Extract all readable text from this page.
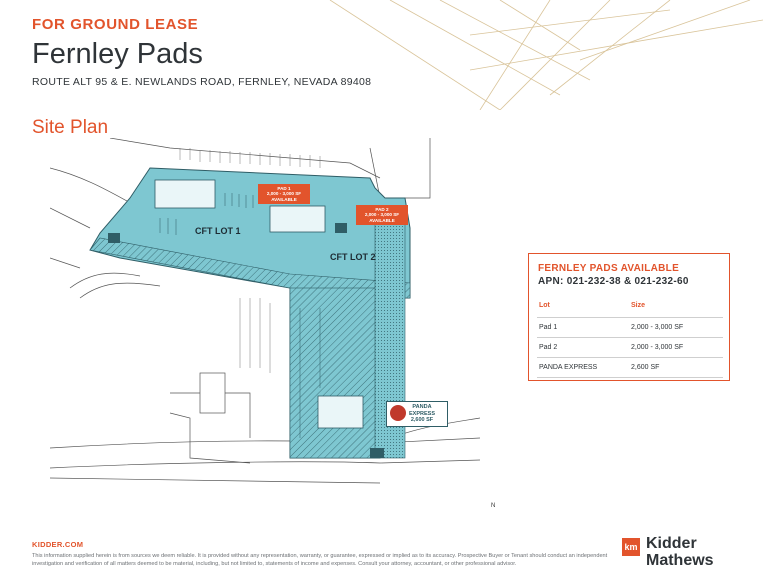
FOR GROUND LEASE
Fernley Pads
ROUTE ALT 95 & E. NEWLANDS ROAD, FERNLEY, NEVADA 89408
Site Plan
CFT LOT 1
CFT LOT 2
PAD 1
2,000 - 3,000 SF
AVAILABLE
PAD 2
2,000 - 3,000 SF
AVAILABLE
PANDA
EXPRESS
2,600 SF
N
FERNLEY PADS AVAILABLE
APN: 021-232-38 & 021-232-60
Lot	Size
Pad 1	2,000 - 3,000 SF
Pad 2	2,000 - 3,000 SF
PANDA EXPRESS	2,600 SF
KIDDER.COM
This information supplied herein is from sources we deem reliable. It is provided without any representation, warranty, or guarantee, expressed or implied as to its accuracy. Prospective Buyer or Tenant should conduct an independent investigation and verification of all matters deemed to be material, including, but not limited to, statements of income and expenses. Consult your attorney, accountant, or other professional advisor.
km Kidder
Mathews
